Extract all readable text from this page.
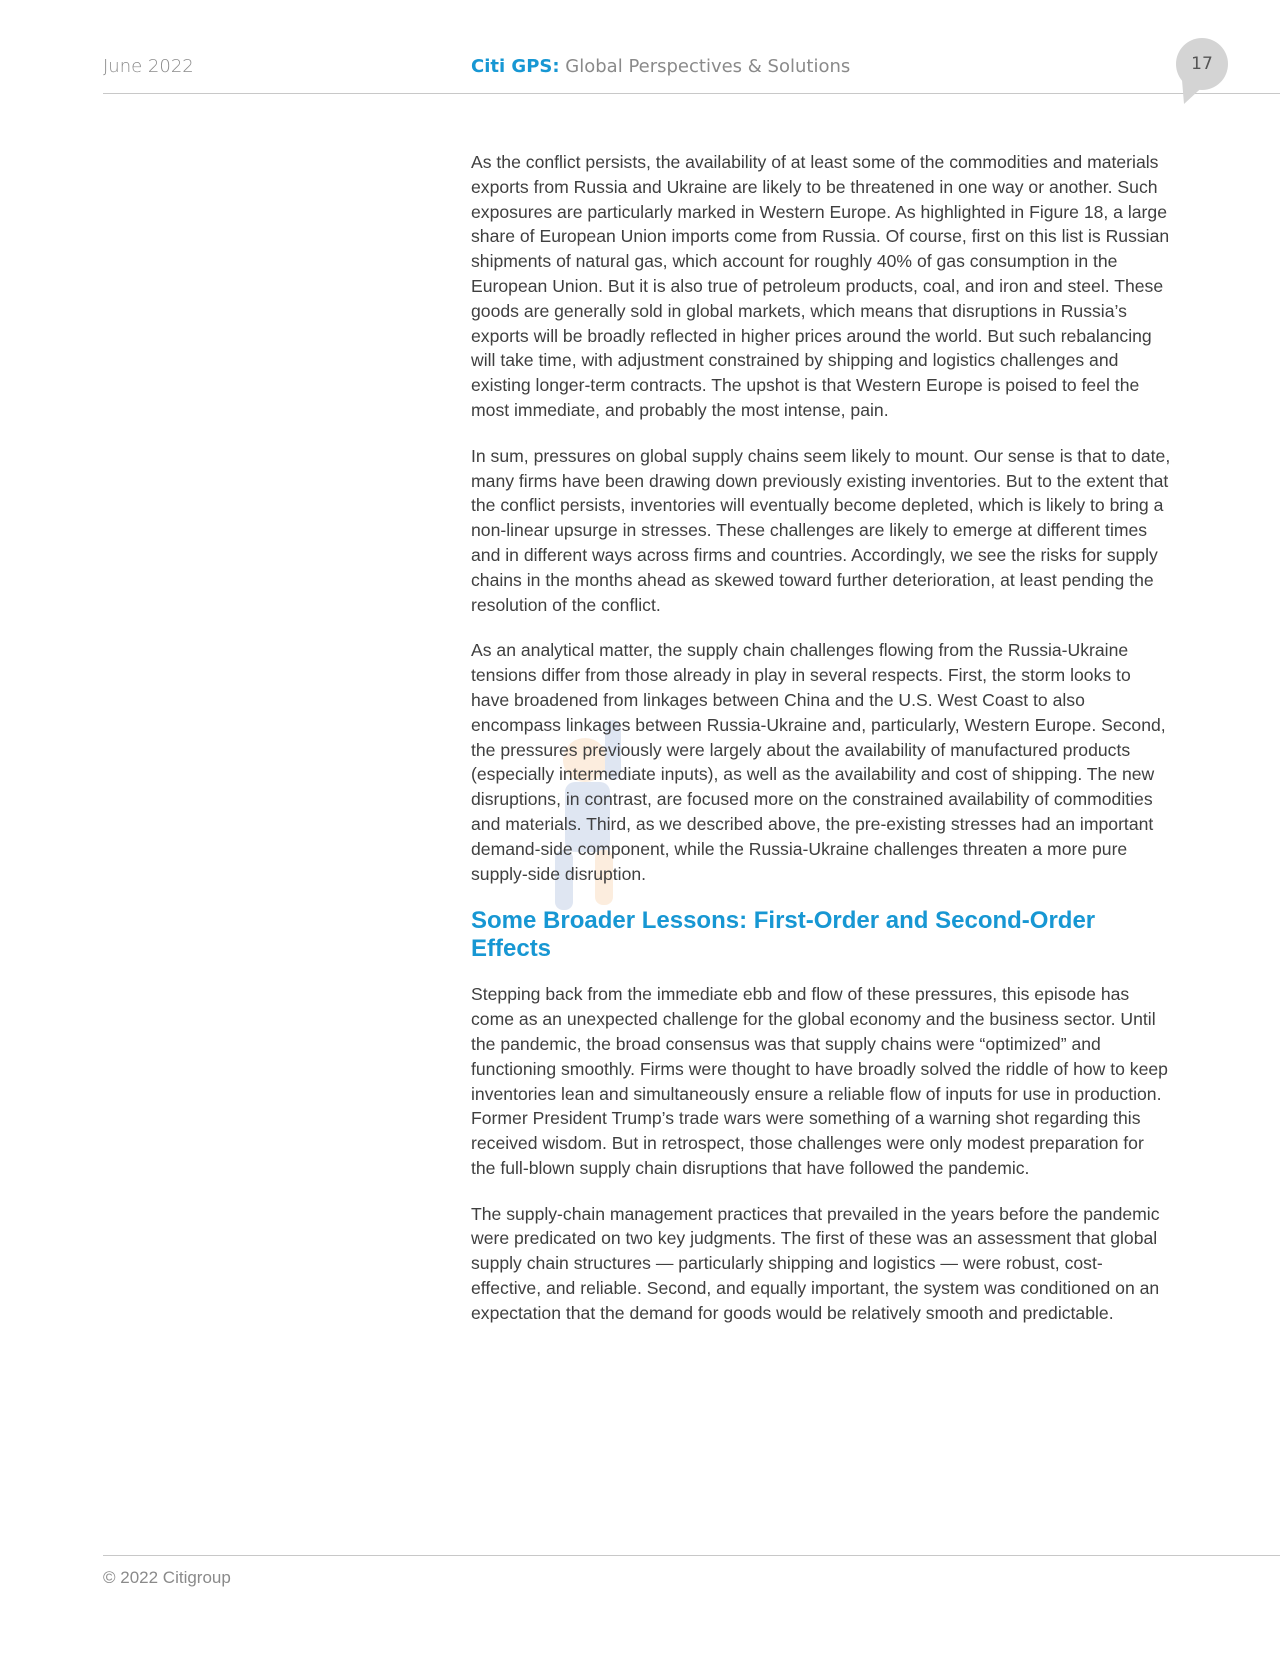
June 2022	Citi GPS: Global Perspectives & Solutions	17

As the conflict persists, the availability of at least some of the commodities and materials exports from Russia and Ukraine are likely to be threatened in one way or another. Such exposures are particularly marked in Western Europe. As highlighted in Figure 18, a large share of European Union imports come from Russia. Of course, first on this list is Russian shipments of natural gas, which account for roughly 40% of gas consumption in the European Union. But it is also true of petroleum products, coal, and iron and steel. These goods are generally sold in global markets, which means that disruptions in Russia’s exports will be broadly reflected in higher prices around the world. But such rebalancing will take time, with adjustment constrained by shipping and logistics challenges and existing longer-term contracts. The upshot is that Western Europe is poised to feel the most immediate, and probably the most intense, pain.

In sum, pressures on global supply chains seem likely to mount. Our sense is that to date, many firms have been drawing down previously existing inventories. But to the extent that the conflict persists, inventories will eventually become depleted, which is likely to bring a non-linear upsurge in stresses. These challenges are likely to emerge at different times and in different ways across firms and countries. Accordingly, we see the risks for supply chains in the months ahead as skewed toward further deterioration, at least pending the resolution of the conflict.

As an analytical matter, the supply chain challenges flowing from the Russia-Ukraine tensions differ from those already in play in several respects. First, the storm looks to have broadened from linkages between China and the U.S. West Coast to also encompass linkages between Russia-Ukraine and, particularly, Western Europe. Second, the pressures previously were largely about the availability of manufactured products (especially intermediate inputs), as well as the availability and cost of shipping. The new disruptions, in contrast, are focused more on the constrained availability of commodities and materials. Third, as we described above, the pre-existing stresses had an important demand-side component, while the Russia-Ukraine challenges threaten a more pure supply-side disruption.

Some Broader Lessons: First-Order and Second-Order Effects

Stepping back from the immediate ebb and flow of these pressures, this episode has come as an unexpected challenge for the global economy and the business sector. Until the pandemic, the broad consensus was that supply chains were “optimized” and functioning smoothly. Firms were thought to have broadly solved the riddle of how to keep inventories lean and simultaneously ensure a reliable flow of inputs for use in production. Former President Trump’s trade wars were something of a warning shot regarding this received wisdom. But in retrospect, those challenges were only modest preparation for the full-blown supply chain disruptions that have followed the pandemic.

The supply-chain management practices that prevailed in the years before the pandemic were predicated on two key judgments. The first of these was an assessment that global supply chain structures — particularly shipping and logistics — were robust, cost-effective, and reliable. Second, and equally important, the system was conditioned on an expectation that the demand for goods would be relatively smooth and predictable.

© 2022 Citigroup
